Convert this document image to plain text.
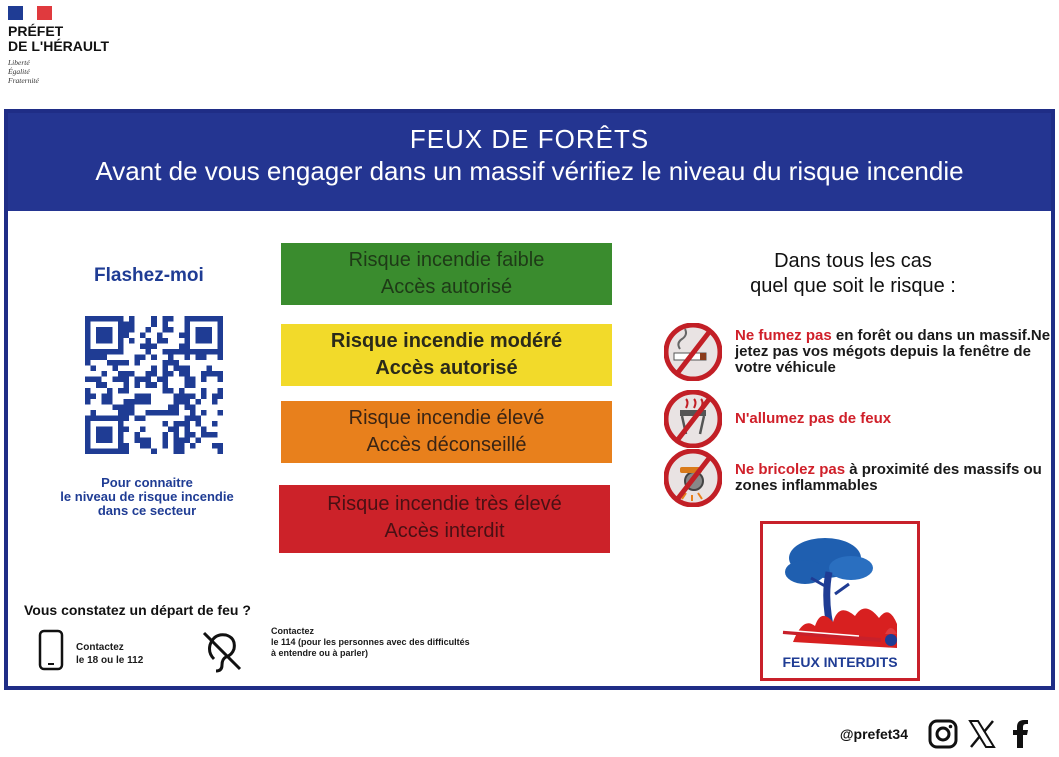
PRÉFET
DE L'HÉRAULT
Liberté
Égalité
Fraternité
FEUX DE FORÊTS
Avant de vous engager dans un massif vérifiez le niveau du risque incendie
Flashez-moi
Pour connaitre
le niveau de risque incendie
dans ce secteur
Risque incendie faible
Accès autorisé
Risque incendie modéré
Accès autorisé
Risque incendie élevé
Accès déconseillé
Risque incendie très élevé
Accès interdit
Dans tous les cas
quel que soit le risque :
Ne fumez pas en forêt ou dans un massif.Ne jetez pas vos mégots depuis la fenêtre de votre véhicule
N'allumez pas de feux
Ne bricolez pas à proximité des massifs ou zones inflammables
FEUX INTERDITS
Vous constatez un départ de feu ?
Contactez
le 18 ou le 112
Contactez
le 114 (pour les personnes avec des difficultés
à entendre ou à parler)
@prefet34
